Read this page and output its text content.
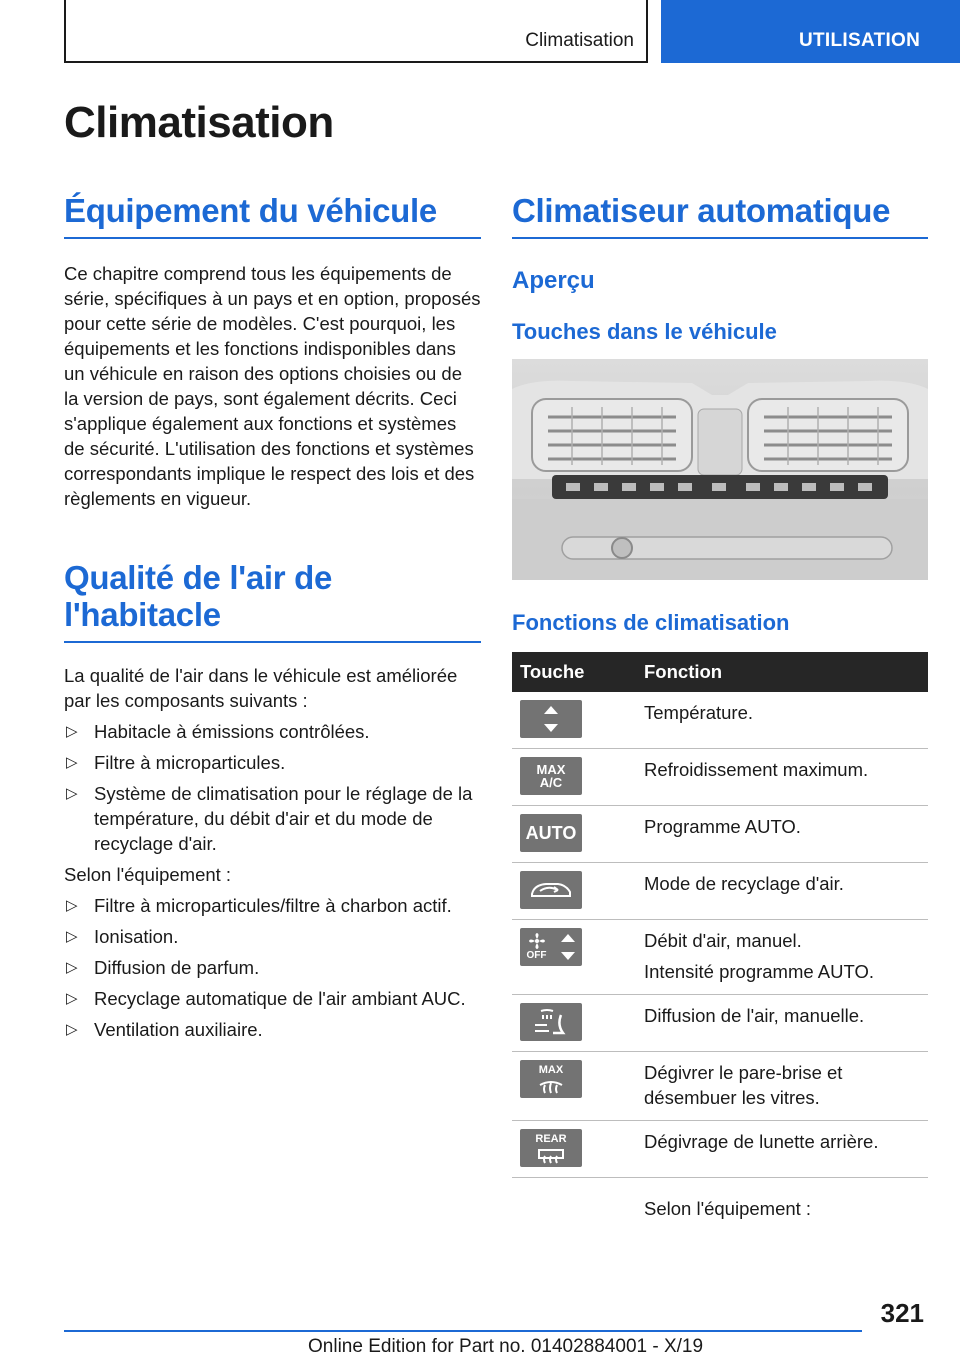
Climatisation	UTILISATION
Climatisation
Équipement du véhicule

Ce chapitre comprend tous les équipements de série, spécifiques à un pays et en option, proposés pour cette série de modèles. C'est pourquoi, les équipements et les fonctions indisponibles dans un véhicule en raison des options choisies ou de la version de pays, sont également décrits. Ceci s'applique également aux fonctions et systèmes de sécurité. L'utilisation des fonctions et systèmes correspondants implique le respect des lois et des règlements en vigueur.

Qualité de l'air de
l'habitacle

La qualité de l'air dans le véhicule est améliorée par les composants suivants :

▷ Habitacle à émissions contrôlées.
▷ Filtre à microparticules.
▷ Système de climatisation pour le réglage de la température, du débit d'air et du mode de recyclage d'air.

Selon l'équipement :

▷ Filtre à microparticules/filtre à charbon actif.
▷ Ionisation.
▷ Diffusion de parfum.
▷ Recyclage automatique de l'air ambiant AUC.
▷ Ventilation auxiliaire.
Climatiseur automatique
Aperçu
Touches dans le véhicule
Fonctions de climatisation
Touche	Fonction

	Température.

MAX A/C	Refroidissement maximum.

AUTO	Programme AUTO.

	Mode de recyclage d'air.

OFF	Débit d'air, manuel.
Intensité programme AUTO.

	Diffusion de l'air, manuelle.

MAX	Dégivrer le pare-brise et désembuer les vitres.

REAR	Dégivrage de lunette arrière.
	Selon l'équipement :
321
Online Edition for Part no. 01402884001 - X/19
